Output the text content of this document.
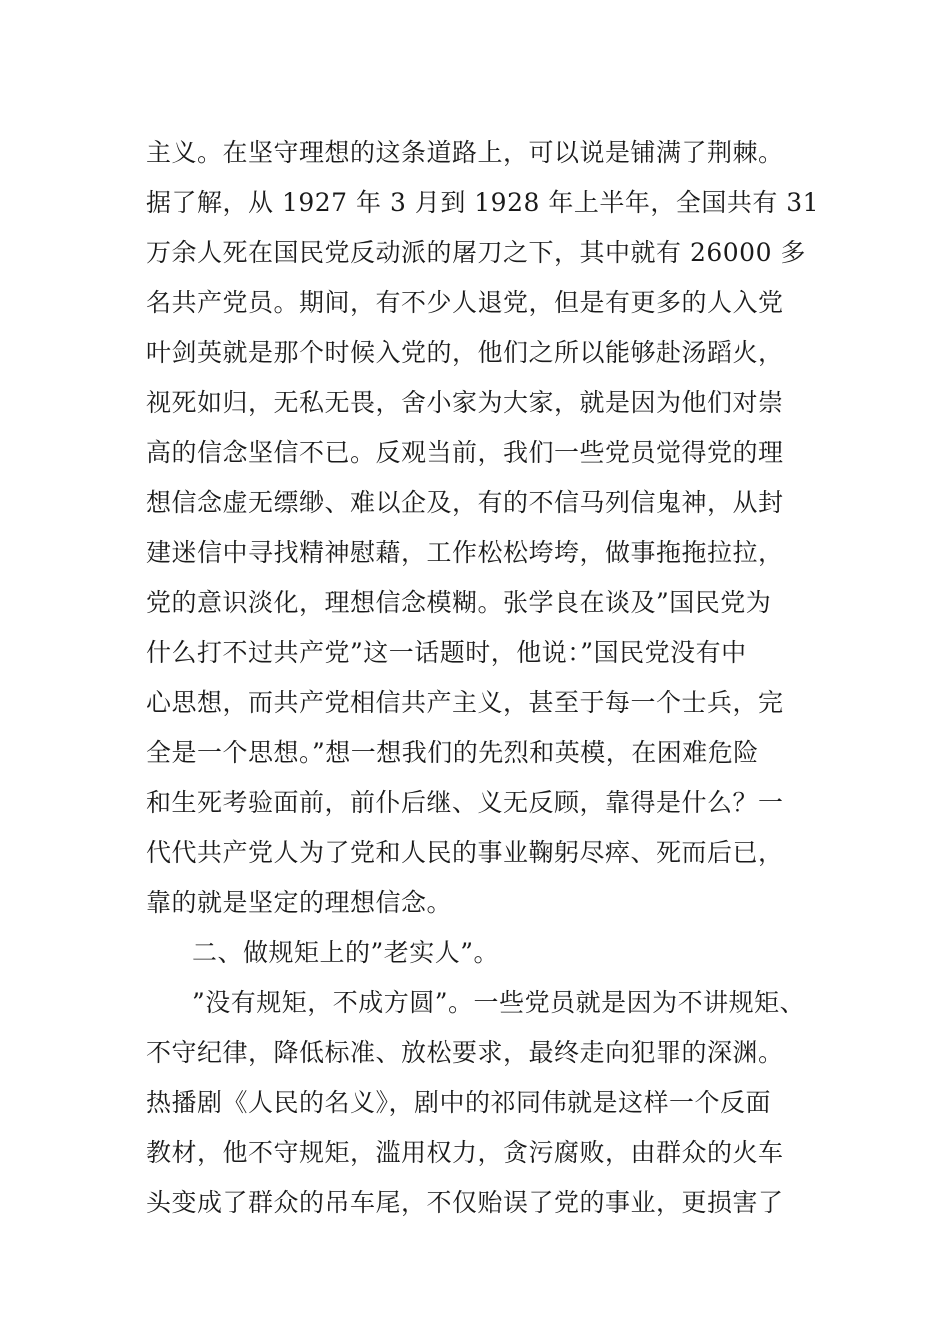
主义。在坚守理想的这条道路上，可以说是铺满了荆棘。
据了解，从 1927 年 3 月到 1928 年上半年，全国共有 31
万余人死在国民党反动派的屠刀之下，其中就有 26000 多
名共产党员。期间，有不少人退党，但是有更多的人入党
叶剑英就是那个时候入党的，他们之所以能够赴汤蹈火，
视死如归，无私无畏，舍小家为大家，就是因为他们对崇
高的信念坚信不已。反观当前，我们一些党员觉得党的理
想信念虚无缥缈、难以企及，有的不信马列信鬼神，从封
建迷信中寻找精神慰藉，工作松松垮垮，做事拖拖拉拉，
党的意识淡化，理想信念模糊。张学良在谈及”国民党为
什么打不过共产党”这一话题时，他说：”国民党没有中
心思想，而共产党相信共产主义，甚至于每一个士兵，完
全是一个思想。”想一想我们的先烈和英模，在困难危险
和生死考验面前，前仆后继、义无反顾，靠得是什么？一
代代共产党人为了党和人民的事业鞠躬尽瘁、死而后已，
靠的就是坚定的理想信念。
二、做规矩上的”老实人”。
”没有规矩，不成方圆”。一些党员就是因为不讲规矩、
不守纪律，降低标准、放松要求，最终走向犯罪的深渊。
热播剧《人民的名义》，剧中的祁同伟就是这样一个反面
教材，他不守规矩，滥用权力，贪污腐败，由群众的火车
头变成了群众的吊车尾，不仅贻误了党的事业，更损害了
